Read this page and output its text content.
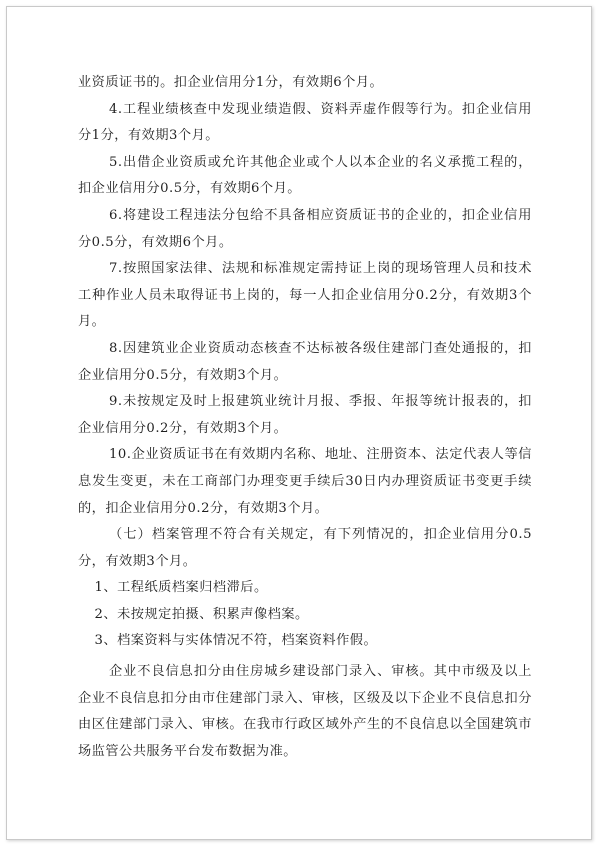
业资质证书的。扣企业信用分1分，有效期6个月。

4.工程业绩核查中发现业绩造假、资料弄虚作假等行为。扣企业信用分1分，有效期3个月。

5.出借企业资质或允许其他企业或个人以本企业的名义承揽工程的，扣企业信用分0.5分，有效期6个月。

6.将建设工程违法分包给不具备相应资质证书的企业的，扣企业信用分0.5分，有效期6个月。

7.按照国家法律、法规和标准规定需持证上岗的现场管理人员和技术工种作业人员未取得证书上岗的，每一人扣企业信用分0.2分，有效期3个月。

8.因建筑业企业资质动态核查不达标被各级住建部门查处通报的，扣企业信用分0.5分，有效期3个月。

9.未按规定及时上报建筑业统计月报、季报、年报等统计报表的，扣企业信用分0.2分，有效期3个月。

10.企业资质证书在有效期内名称、地址、注册资本、法定代表人等信息发生变更，未在工商部门办理变更手续后30日内办理资质证书变更手续的，扣企业信用分0.2分，有效期3个月。

（七）档案管理不符合有关规定，有下列情况的，扣企业信用分0.5分，有效期3个月。

1、工程纸质档案归档滞后。

2、未按规定拍摄、积累声像档案。

3、档案资料与实体情况不符，档案资料作假。

企业不良信息扣分由住房城乡建设部门录入、审核。其中市级及以上企业不良信息扣分由市住建部门录入、审核，区级及以下企业不良信息扣分由区住建部门录入、审核。在我市行政区域外产生的不良信息以全国建筑市场监管公共服务平台发布数据为准。
